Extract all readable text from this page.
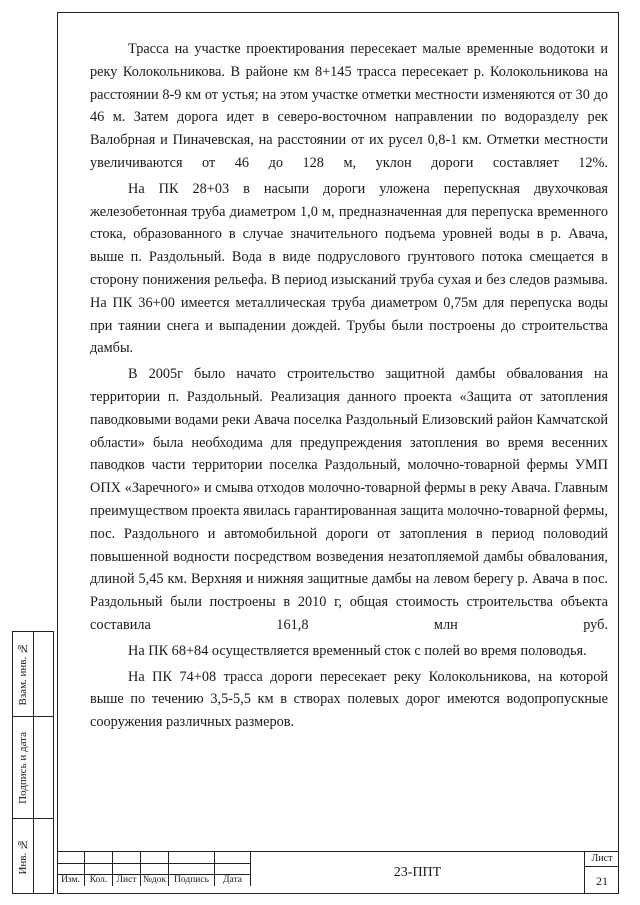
Трасса на участке проектирования пересекает малые временные водотоки и реку Колокольникова. В районе км 8+145 трасса пересекает р. Колокольникова на расстоянии 8-9 км от устья; на этом участке отметки местности изменяются от 30 до 46 м. Затем дорога идет в северо-восточном направлении по водоразделу рек Валобрная и Пиначевская, на расстоянии от их русел 0,8-1 км. Отметки местности увеличиваются от 46 до 128 м, уклон дороги составляет 12%.

На ПК 28+03 в насыпи дороги уложена перепускная двухочковая железобетонная труба диаметром 1,0 м, предназначенная для перепуска временного стока, образованного в случае значительного подъема уровней воды в р. Авача, выше п. Раздольный. Вода в виде подруслового грунтового потока смещается в сторону понижения рельефа. В период изысканий труба сухая и без следов размыва. На ПК 36+00 имеется металлическая труба диаметром 0,75м для перепуска воды при таянии снега и выпадении дождей. Трубы были построены до строительства дамбы.

В 2005г было начато строительство защитной дамбы обвалования на территории п. Раздольный. Реализация данного проекта «Защита от затопления паводковыми водами реки Авача поселка Раздольный Елизовский район Камчатской области» была необходима для предупреждения затопления во время весенних паводков части территории поселка Раздольный, молочно-товарной фермы УМП ОПХ «Заречного» и смыва отходов молочно-товарной фермы в реку Авача. Главным преимуществом проекта явилась гарантированная защита молочно-товарной фермы, пос. Раздольного и автомобильной дороги от затопления в период половодий повышенной водности посредством возведения незатопляемой дамбы обвалования, длиной 5,45 км. Верхняя и нижняя защитные дамбы на левом берегу р. Авача в пос. Раздольный были построены в 2010 г, общая стоимость строительства объекта составила 161,8 млн руб.

На ПК 68+84 осуществляется временный сток с полей во время половодья.

На ПК 74+08 трасса дороги пересекает реку Колокольникова, на которой выше по течению 3,5-5,5 км в створах полевых дорог имеются водопропускные сооружения различных размеров.

Взам. инв. №
Подпись и дата
Инв. №
Изм.	Кол. Лист №док Подпись	Дата	23-ППТ
Лист
21
